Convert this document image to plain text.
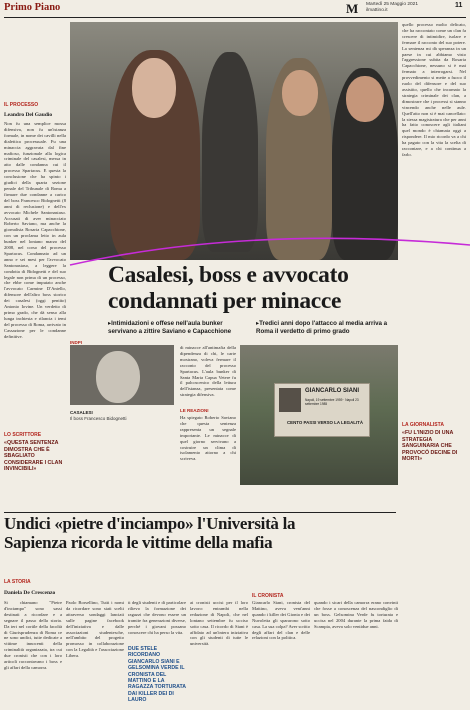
Primo Piano	M Martedì 25 Maggio 2021
ilmattino.it
11
IL PROCESSO
Leandro Del Gaudio
Non fu una semplice mossa difensiva, non fu un'istanza formale, in nome dei cavilli nella dialettica processuale. Fu una minaccia aggravata dal fine mafioso, funzionale alla logica criminale del casalesi, messa in atto dalle condanna cui il processo Spartacus. E questa la conclusione che ha spinto i giudici della quarta sezione penale del Tribunale di Roma a firmare due condanne a carico del boss Francesco Bidognetti (8 anni di reclusione) e dell'ex avvocato Michele Santonastaso. Accusati di aver minacciato Roberto Saviano, ma anche la giornalista Rosaria Capacchione, con un proclama letto in aula bunker nel lontano marzo del 2008, nel corso del processo Spartacus. Condannato ad un anno e sei mesi per l'avvocato Santonastaso, a leggere la condotta di Bidognetti e del suo legale non prima di un processo, che ebbe come imputato anche l'avvocato Carmine D'Aniello, difensore dell'altro boss storico dei casalesi (oggi pentito) Antonio Iovine. Un verdetto di primo grado, che dà senso alla lunga inchiesta e rilancia i temi del processo di Roma, arrivato in Cassazione per le condanne definitive.
LO SCRITTORE
«QUESTA SENTENZA DIMOSTRA CHE È SBAGLIATO CONSIDERARE I CLAN INVINCIBILI»
quello processo molto delicato, che ha raccontato come un clan fa crescere di intimidire, isolare e fermare il racconto del suo potere. La sentenza mi dà speranza in un paese in cui abbiamo visto l'aggressione subita da Rosaria Capacchione, nessuno si è mai fermato a interrogarsi. Nel provvedimento si mette a fuoco il ruolo del difensore e del suo assistito, quello che incarnato la strategia criminale dei clan, a dimostrare che i processi si stanno vincendo anche nelle aule. Quell'atto non si è mai cancellato: la stessa magistratura che per anni ha fatto conoscere agli italiani quel mondo è chiamata oggi a rispondere. Il mio ricordo va a chi ha pagato con la vita la scelta di raccontare, e a chi continua a farlo.
LA GIORNALISTA
«FU L'INIZIO DI UNA STRATEGIA SANGUINARIA CHE PROVOCÒ DECINE DI MORTI»
Casalesi, boss e avvocato condannati per minacce
▸Intimidazioni e offese nell'aula bunker servivano a zittire Saviano e Capacchione
▸Tredici anni dopo l'attacco al media arriva a Roma il verdetto di primo grado
di minacce all'antimafia della dipendenza di chi, le carte mostrano, voleva fermare il racconto del processo Spartacus. L'aula bunker di Santa Maria Capua Vetere fu il palcoscenico della lettura dell'istanza, presentata come strategia difensiva.
INDPI
CASALESI
Il boss Francesco Bidognetti
LE REAZIONI
Ha spiegato Roberto Saviano che questa sentenza rappresenta un segnale importante. Le minacce di quel giorno servivano a costruire un clima di isolamento attorno a chi scriveva.
GIANCARLO SIANI
Napoli, 19 settembre 1959 · Napoli 23 settembre 1985
CENTO PASSI VERSO LA LEGALITÀ
LA STORIA
Undici «pietre d'inciampo» l'Università la Sapienza ricorda le vittime della mafia
Daniela De Crescenzo
Si chiamano "Pietre d'inciampo" sono sassi destinati a ricordare e a segnare il passo della storia. Da ieri nel cortile della facoltà di Giurisprudenza di Roma ce ne sono undici, tutte dedicate a vittime innocenti della criminalità organizzata, tra cui due cronisti che con i loro articoli raccontavano i boss e gli affari della camorra.
Paolo Borsellino, Tutti i nomi da ricordare sono stati scelti attraverso sondaggi lanciati sulle pagine facebook dell'iniziativa e dalle associazioni studentesche, nell'ambito del progetto promosso in collaborazione con la Legalità e l'associazione Libera.
ti degli studenti e di particolare rilievo la formazione dei ragazzi che devono essere un tramite fra generazioni diverse, perché i giovani possano conoscere chi ha perso la vita.
DUE STELE RICORDANO GIANCARLO SIANI E GELSOMINA VERDE IL CRONISTA DEL MATTINO E LA RAGAZZA TORTURATA DAI KILLER DEI DI LAURO
ai cronisti uccisi per il loro lavoro: entrambi nella redazione di Napoli, che nel lontano settembre fu ucciso sotto casa. Il ricordo di Siani è affidato ad un'intera iniziativa con gli studenti di tutte le università.
IL CRONISTA
Giancarlo Siani, cronista del Mattino, aveva vent'anni quando i killer dei Gionta e dei Nuvoletta gli spararono sotto casa. La sua colpa? Aver scritto degli affari del clan e delle relazioni con la politica.
quando i sicari della camorra erano convinti che fosse a conoscenza del nascondiglio di un boss. Gelsomina Verde fu torturata e uccisa nel 2004 durante la prima faida di Scampia, aveva solo ventidue anni.
